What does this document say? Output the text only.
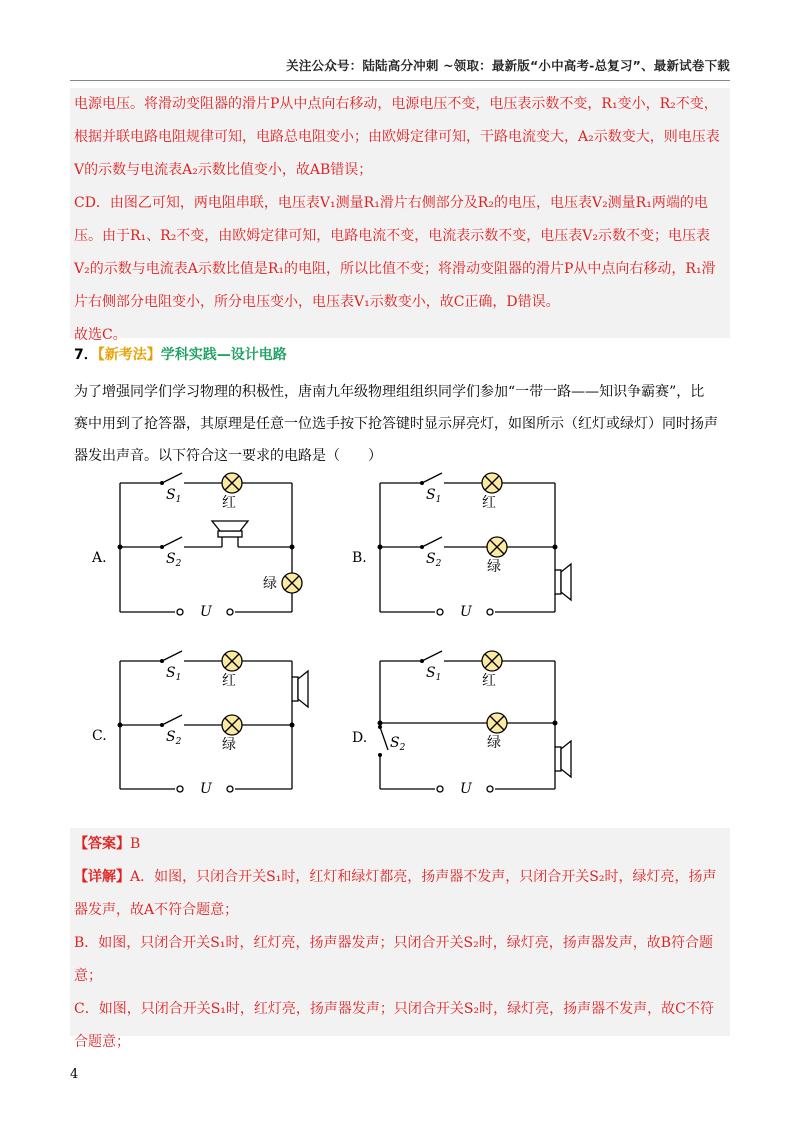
关注公众号：陆陆高分冲刺 ~领取：最新版“小中高考-总复习”、最新试卷下载
电源电压。将滑动变阻器的滑片P从中点向右移动，电源电压不变，电压表示数不变，R₁变小，R₂不变，
根据并联电路电阻规律可知，电路总电阻变小；由欧姆定律可知，干路电流变大，A₂示数变大，则电压表
V的示数与电流表A₂示数比值变小，故AB错误；
CD．由图乙可知，两电阻串联，电压表V₁测量R₁滑片右侧部分及R₂的电压，电压表V₂测量R₁两端的电
压。由于R₁、R₂不变，由欧姆定律可知，电路电流不变，电流表示数不变，电压表V₂示数不变；电压表
V₂的示数与电流表A示数比值是R₁的电阻，所以比值不变；将滑动变阻器的滑片P从中点向右移动，R₁滑
片右侧部分电阻变小，所分电压变小，电压表V₁示数变小，故C正确，D错误。
故选C。
7．【新考法】学科实践—设计电路
为了增强同学们学习物理的积极性，唐南九年级物理组组织同学们参加“一带一路——知识争霸赛”，比
赛中用到了抢答器，其原理是任意一位选手按下抢答键时显示屏亮灯，如图所示（红灯或绿灯）同时扬声
器发出声音。以下符合这一要求的电路是（　　）
A.
$S_1$
$S_2$
红
绿
U
B.
$S_1$
$S_2$
红
绿
U
C.
$S_1$
$S_2$
红
绿
U
D.
$S_1$
$S_2$
红
绿
U
【答案】B
【详解】A．如图，只闭合开关S₁时，红灯和绿灯都亮，扬声器不发声，只闭合开关S₂时，绿灯亮，扬声
器发声，故A不符合题意；
B．如图，只闭合开关S₁时，红灯亮，扬声器发声；只闭合开关S₂时，绿灯亮，扬声器发声，故B符合题
意；
C．如图，只闭合开关S₁时，红灯亮，扬声器发声；只闭合开关S₂时，绿灯亮，扬声器不发声，故C不符
合题意；
4
